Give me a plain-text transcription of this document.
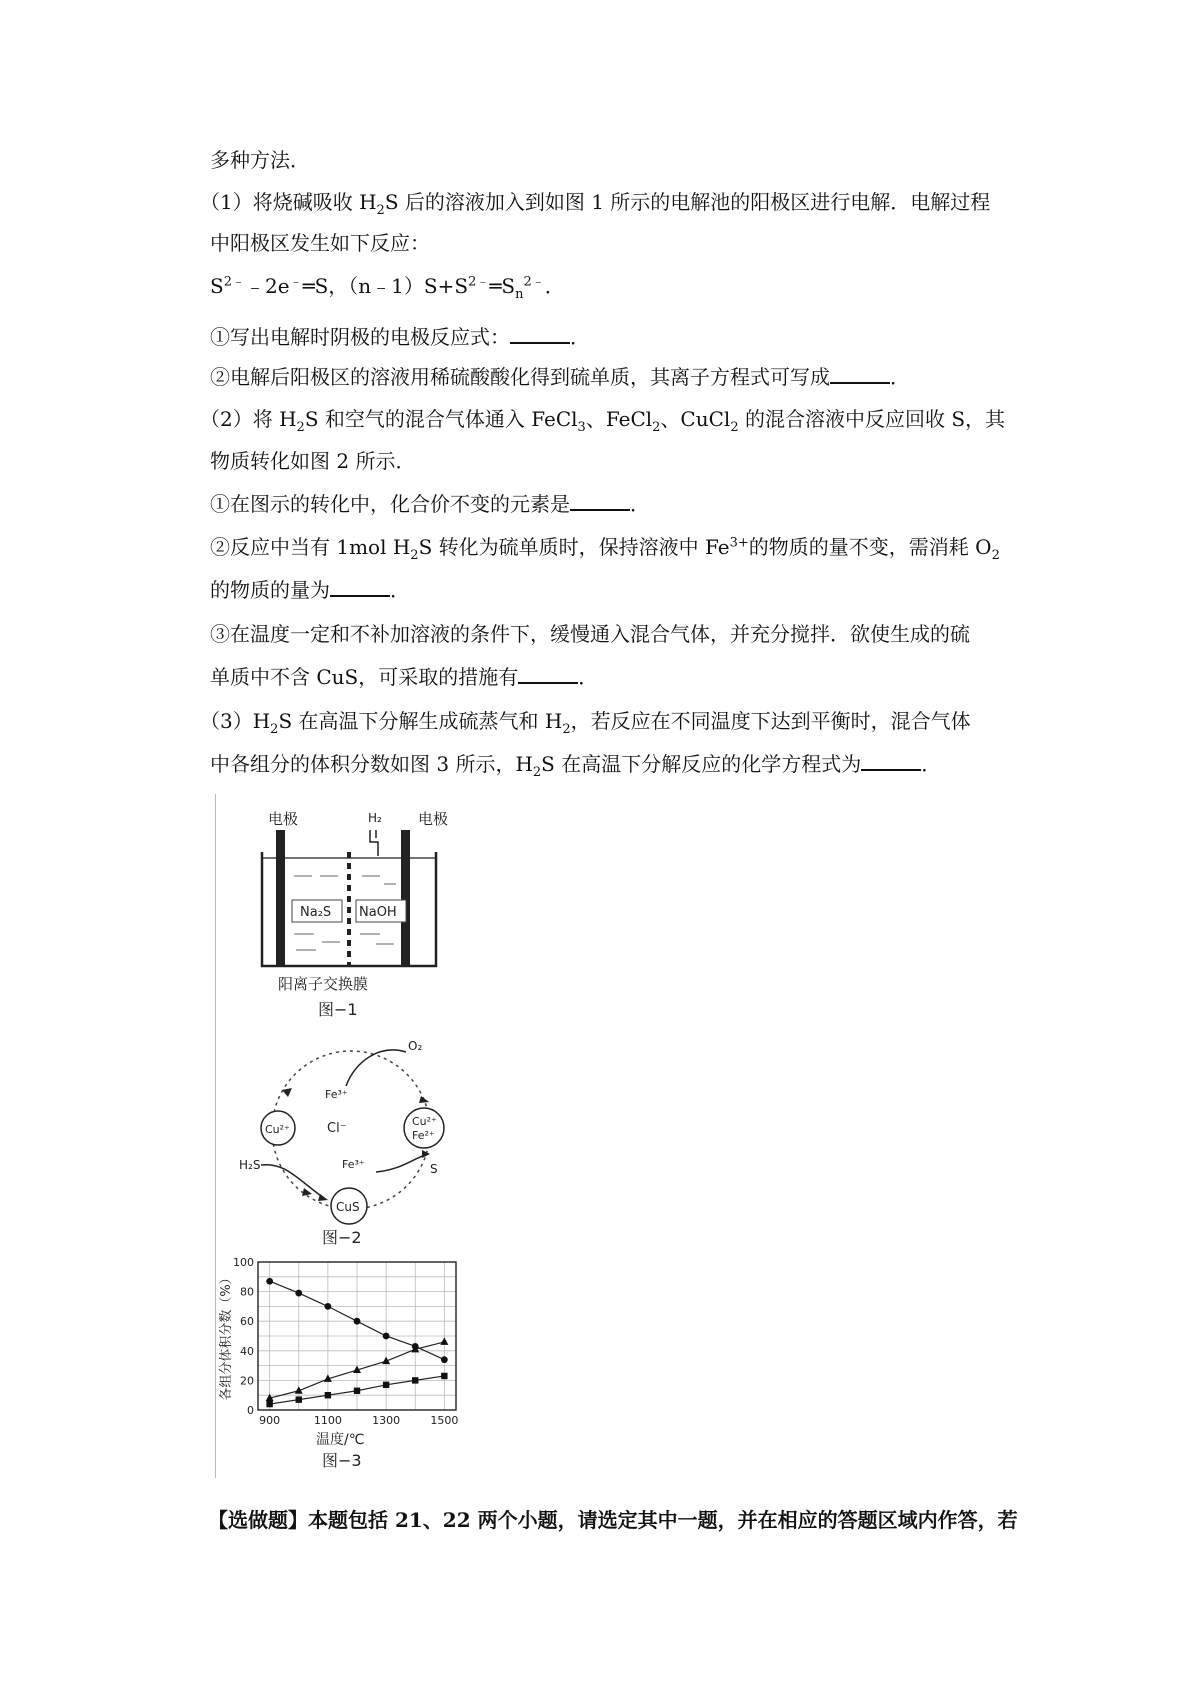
多种方法．
（1）将烧碱吸收 $H_2S$ 后的溶液加入到如图 1 所示的电解池的阳极区进行电解．电解过程
中阳极区发生如下反应：
$S^{2﹣}﹣2e^﹣═S$，$(n﹣1)S+S^{2﹣}═S_n^{2﹣}$．
①写出电解时阴极的电极反应式：	．
②电解后阳极区的溶液用稀硫酸酸化得到硫单质，其离子方程式可写成	．
（2）将 $H_2S$ 和空气的混合气体通入 FeCl$_3$、FeCl$_2$、CuCl$_2$ 的混合溶液中反应回收 S，其
物质转化如图 2 所示．
①在图示的转化中，化合价不变的元素是	．
②反应中当有 1mol $H_2S$ 转化为硫单质时，保持溶液中 $Fe^{3+}$的物质的量不变，需消耗 $O_2$
的物质的量为	．
③在温度一定和不补加溶液的条件下，缓慢通入混合气体，并充分搅拌．欲使生成的硫
单质中不含 CuS，可采取的措施有	．
$(3)H_2S$ 在高温下分解生成硫蒸气和 $H_2$，若反应在不同温度下达到平衡时，混合气体
中各组分的体积分数如图 3 所示，$H_2S$ 在高温下分解反应的化学方程式为	．
电极	电极
H₂
Na₂S NaOH
阳离子交换膜
图−1
Cu²⁺
Cu²⁺
Fe²⁺
CuS
O₂
Fe³⁺
Cl⁻
H₂S	Fe³⁺	S
图−2
0
20
40
60
80
100
900	1100	1300	1500
各组分体积分数（%）
温度/℃
图−3
【选做题】本题包括 21、22 两个小题，请选定其中一题，并在相应的答题区域内作答，若
